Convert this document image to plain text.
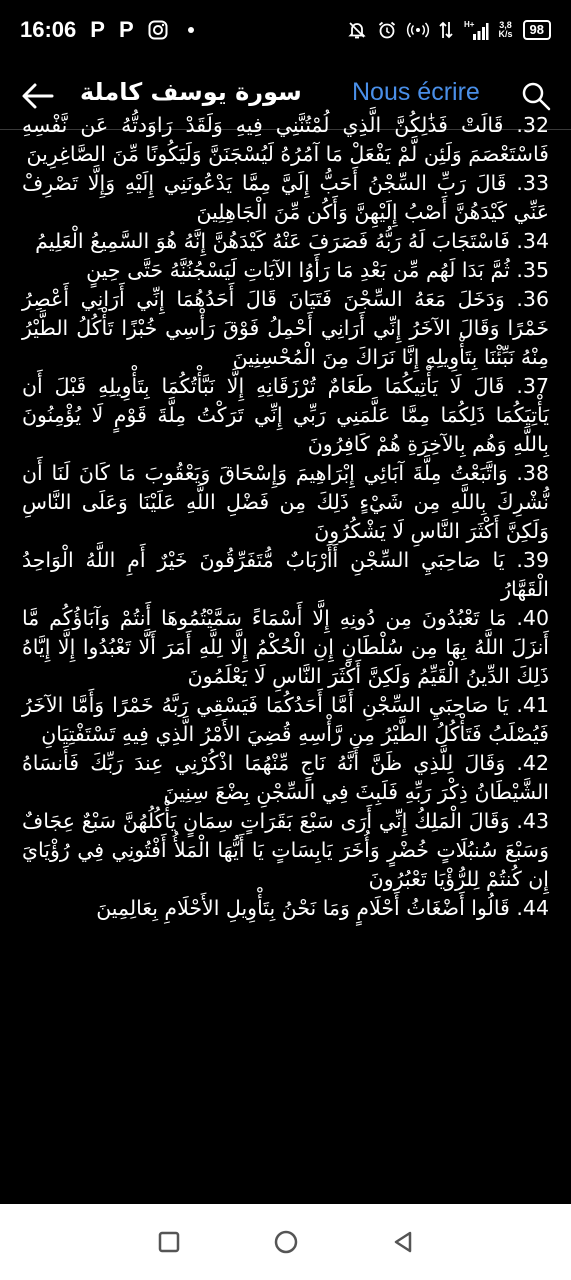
16:06 P P	H+	3,8
K/s	98
سورة يوسف كاملة Nous écrire

32. قَالَتْ فَذَٰلِكُنَّ الَّذِي لُمْتُنَّنِي فِيهِ وَلَقَدْ رَاوَدتُّهُ عَن نَّفْسِهِ فَاسْتَعْصَمَ وَلَئِن لَّمْ يَفْعَلْ مَا آمُرُهُ لَيُسْجَنَنَّ وَلَيَكُونًا مِّنَ الصَّاغِرِينَ

33. قَالَ رَبِّ السِّجْنُ أَحَبُّ إِلَيَّ مِمَّا يَدْعُونَنِي إِلَيْهِ وَإِلَّا تَصْرِفْ عَنِّي كَيْدَهُنَّ أَصْبُ إِلَيْهِنَّ وَأَكُن مِّنَ الْجَاهِلِينَ

34. فَاسْتَجَابَ لَهُ رَبُّهُ فَصَرَفَ عَنْهُ كَيْدَهُنَّ إِنَّهُ هُوَ السَّمِيعُ الْعَلِيمُ

35. ثُمَّ بَدَا لَهُم مِّن بَعْدِ مَا رَأَوُا الآيَاتِ لَيَسْجُنُنَّهُ حَتَّى حِينٍ

36. وَدَخَلَ مَعَهُ السِّجْنَ فَتَيَانَ قَالَ أَحَدُهُمَا إِنِّي أَرَانِي أَعْصِرُ خَمْرًا وَقَالَ الآخَرُ إِنِّي أَرَانِي أَحْمِلُ فَوْقَ رَأْسِي خُبْزًا تَأْكُلُ الطَّيْرُ مِنْهُ نَبِّئْنَا بِتَأْوِيلِهِ إِنَّا نَرَاكَ مِنَ الْمُحْسِنِينَ

37. قَالَ لَا يَأْتِيكُمَا طَعَامٌ تُرْزَقَانِهِ إِلَّا نَبَّأْتُكُمَا بِتَأْوِيلِهِ قَبْلَ أَن يَأْتِيَكُمَا ذَلِكُمَا مِمَّا عَلَّمَنِي رَبِّي إِنِّي تَرَكْتُ مِلَّةَ قَوْمٍ لَا يُؤْمِنُونَ بِاللَّهِ وَهُم بِالآخِرَةِ هُمْ كَافِرُونَ

38. وَاتَّبَعْتُ مِلَّةَ آبَائِي إِبْرَاهِيمَ وَإِسْحَاقَ وَيَعْقُوبَ مَا كَانَ لَنَا أَن نُّشْرِكَ بِاللَّهِ مِن شَيْءٍ ذَلِكَ مِن فَضْلِ اللَّهِ عَلَيْنَا وَعَلَى النَّاسِ وَلَكِنَّ أَكْثَرَ النَّاسِ لَا يَشْكُرُونَ

39. يَا صَاحِبَيِ السِّجْنِ أَأَرْبَابٌ مُّتَفَرِّقُونَ خَيْرٌ أَمِ اللَّهُ الْوَاحِدُ الْقَهَّارُ

40. مَا تَعْبُدُونَ مِن دُونِهِ إِلَّا أَسْمَاءً سَمَّيْتُمُوهَا أَنتُمْ وَآبَاؤُكُم مَّا أَنزَلَ اللَّهُ بِهَا مِن سُلْطَانٍ إِنِ الْحُكْمُ إِلَّا لِلَّهِ أَمَرَ أَلَّا تَعْبُدُوا إِلَّا إِيَّاهُ ذَلِكَ الدِّينُ الْقَيِّمُ وَلَكِنَّ أَكْثَرَ النَّاسِ لَا يَعْلَمُونَ

41. يَا صَاحِبَيِ السِّجْنِ أَمَّا أَحَدُكُمَا فَيَسْقِي رَبَّهُ خَمْرًا وَأَمَّا الآخَرُ فَيُصْلَبُ فَتَأْكُلُ الطَّيْرُ مِن رَّأْسِهِ قُضِيَ الأَمْرُ الَّذِي فِيهِ تَسْتَفْتِيَانِ

42. وَقَالَ لِلَّذِي ظَنَّ أَنَّهُ نَاجٍ مِّنْهُمَا اذْكُرْنِي عِندَ رَبِّكَ فَأَنسَاهُ الشَّيْطَانُ ذِكْرَ رَبِّهِ فَلَبِثَ فِي السِّجْنِ بِضْعَ سِنِينَ

43. وَقَالَ الْمَلِكُ إِنِّي أَرَى سَبْعَ بَقَرَاتٍ سِمَانٍ يَأْكُلُهُنَّ سَبْعٌ عِجَافٌ وَسَبْعَ سُنبُلَاتٍ خُضْرٍ وَأُخَرَ يَابِسَاتٍ يَا أَيُّهَا الْمَلأُ أَفْتُونِي فِي رُؤْيَايَ إِن كُنتُمْ لِلرُّؤْيَا تَعْبُرُونَ

44. قَالُوا أَضْغَاثُ أَحْلَامٍ وَمَا نَحْنُ بِتَأْوِيلِ الأَحْلَامِ بِعَالِمِينَ
